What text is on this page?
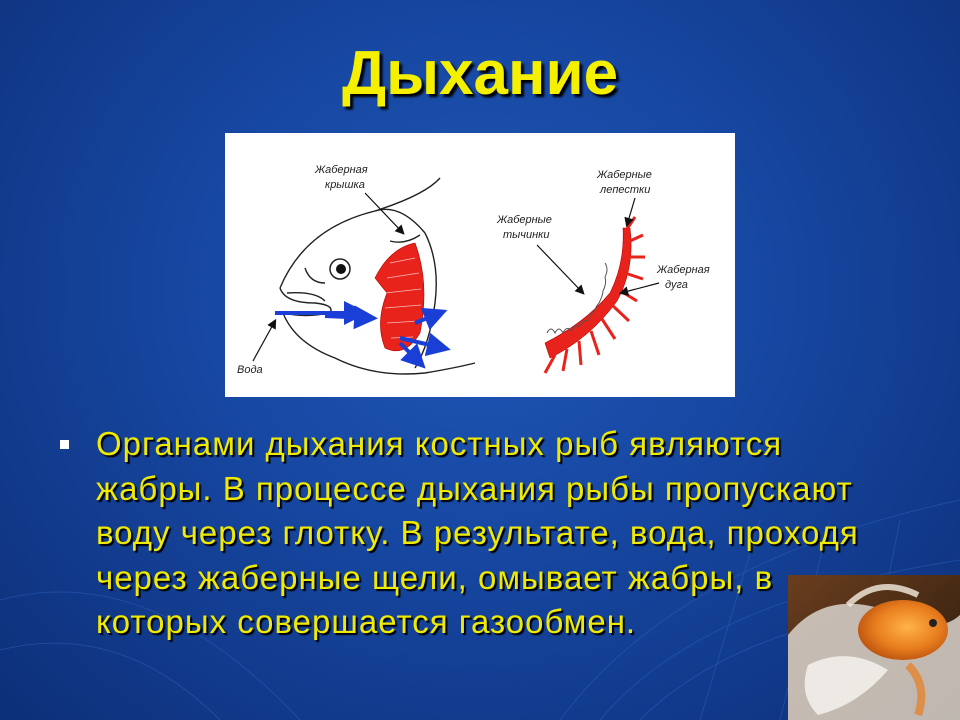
Дыхание
Жаберная
крышка
Вода
Жаберные
лепестки
Жаберные
тычинки
Жаберная
дуга
Органами дыхания костных рыб являются жабры. В процессе дыхания рыбы пропускают воду через глотку. В результате, вода, проходя через жаберные щели, омывает жабры, в которых совершается газообмен.
